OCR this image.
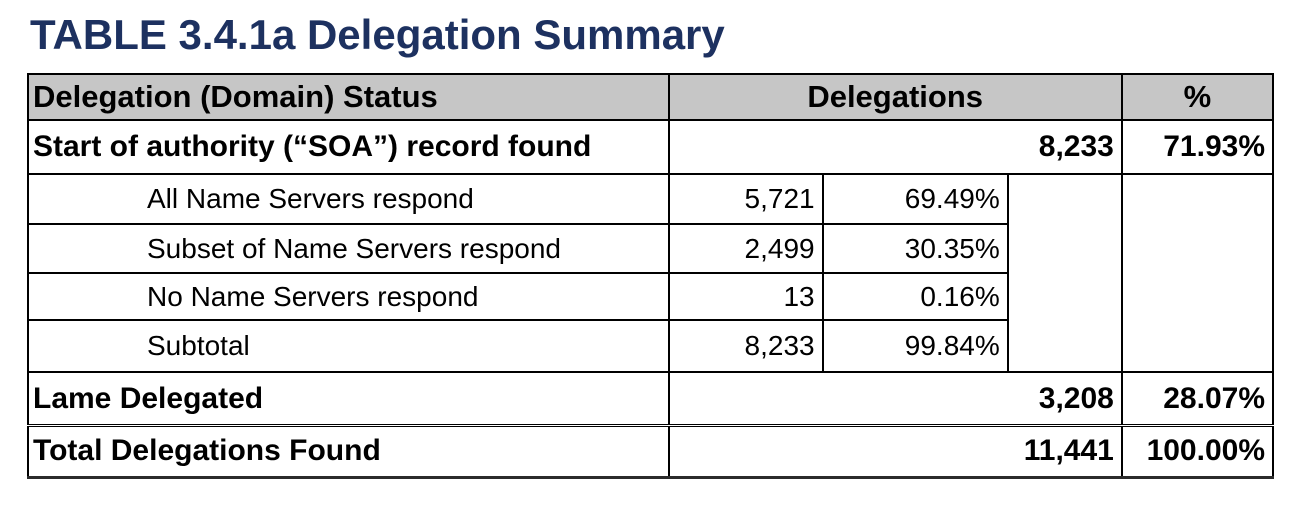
TABLE 3.4.1a Delegation Summary
Delegation (Domain) Status	Delegations			%
Start of authority (“SOA”) record found	8,233			71.93%
All Name Servers respond	5,721	69.49%		
Subset of Name Servers respond	2,499	30.35%		
No Name Servers respond	13	0.16%		
Subtotal	8,233	99.84%		
Lame Delegated	3,208			28.07%
Total Delegations Found	11,441			100.00%
